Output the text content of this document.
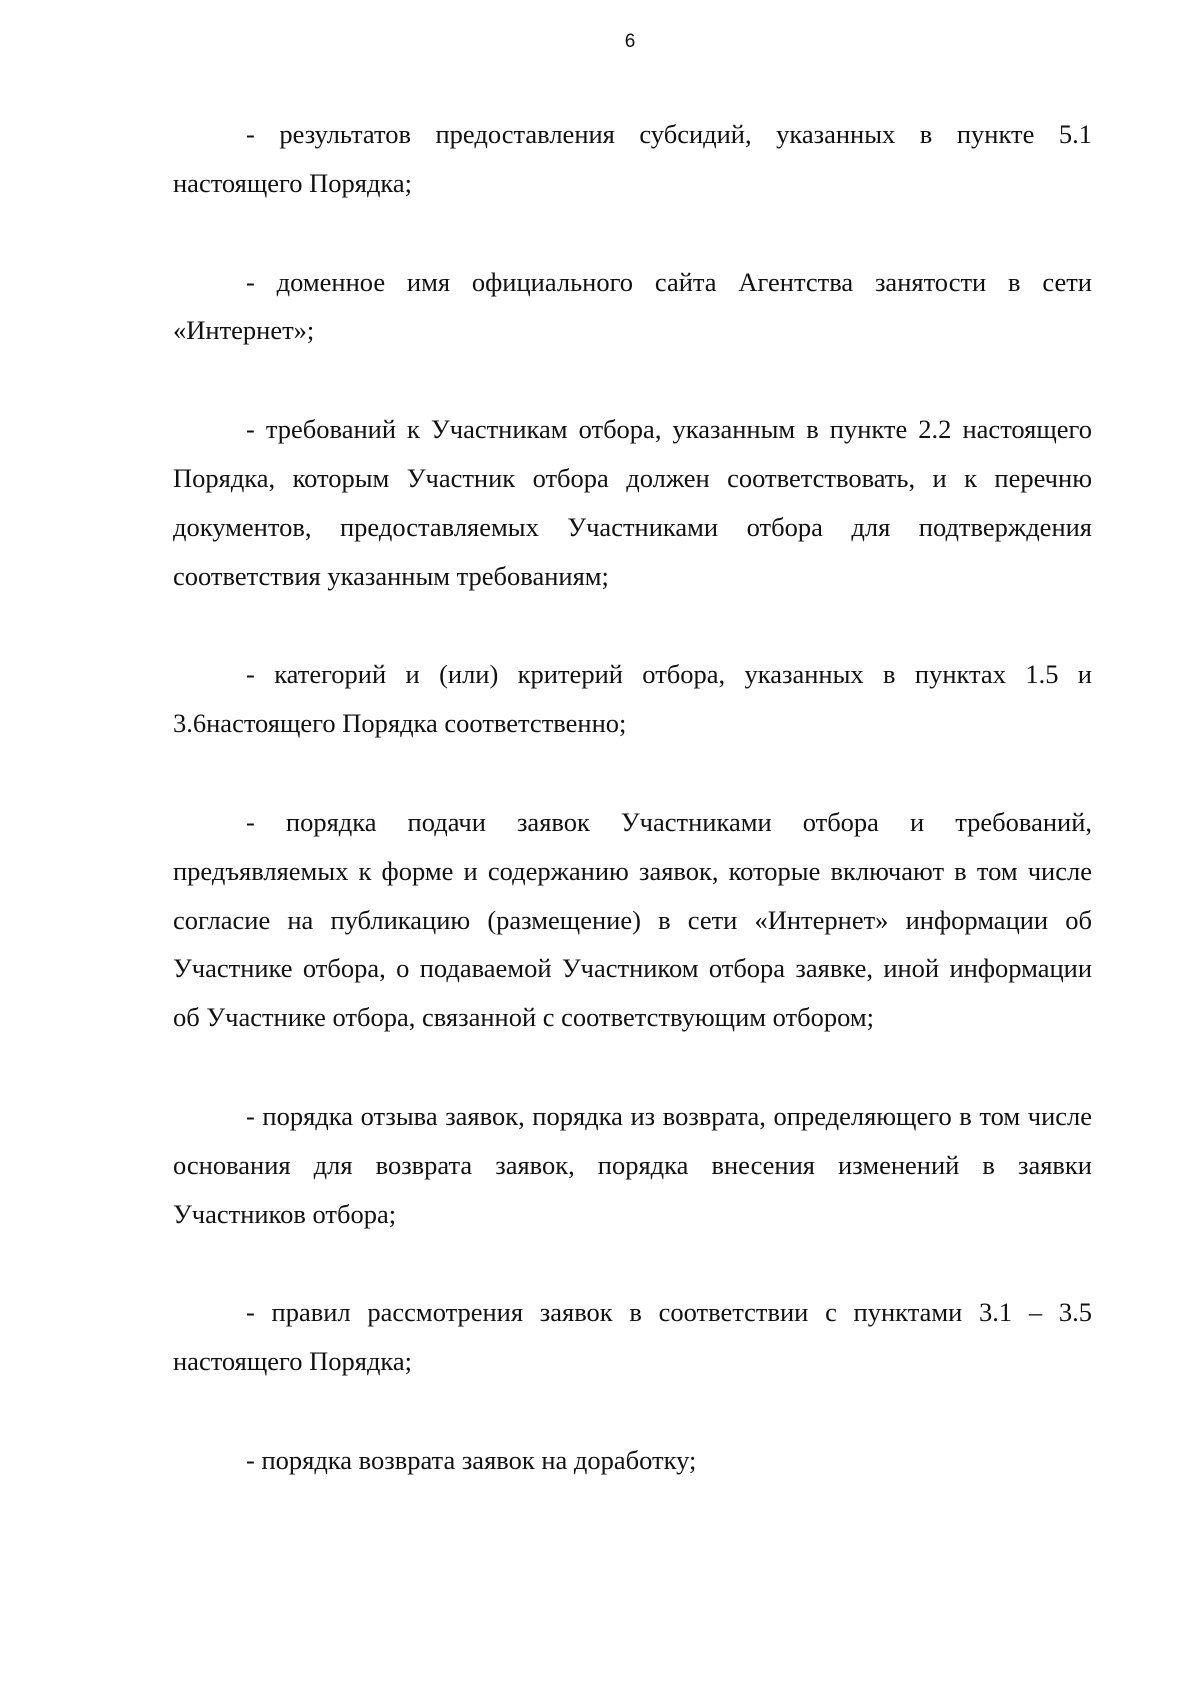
6

- результатов предоставления субсидий, указанных в пункте 5.1 настоящего Порядка;

- доменное имя официального сайта Агентства занятости в сети «Интернет»;

- требований к Участникам отбора, указанным в пункте 2.2 настоящего Порядка, которым Участник отбора должен соответствовать, и к перечню документов, предоставляемых Участниками отбора для подтверждения соответствия указанным требованиям;

- категорий и (или) критерий отбора, указанных в пунктах 1.5 и 3.6настоящего Порядка соответственно;

- порядка подачи заявок Участниками отбора и требований, предъявляемых к форме и содержанию заявок, которые включают в том числе согласие на публикацию (размещение) в сети «Интернет» информации об Участнике отбора, о подаваемой Участником отбора заявке, иной информации об Участнике отбора, связанной с соответствующим отбором;

- порядка отзыва заявок, порядка из возврата, определяющего в том числе основания для возврата заявок, порядка внесения изменений в заявки Участников отбора;

- правил рассмотрения заявок в соответствии с пунктами 3.1 – 3.5 настоящего Порядка;

- порядка возврата заявок на доработку;
